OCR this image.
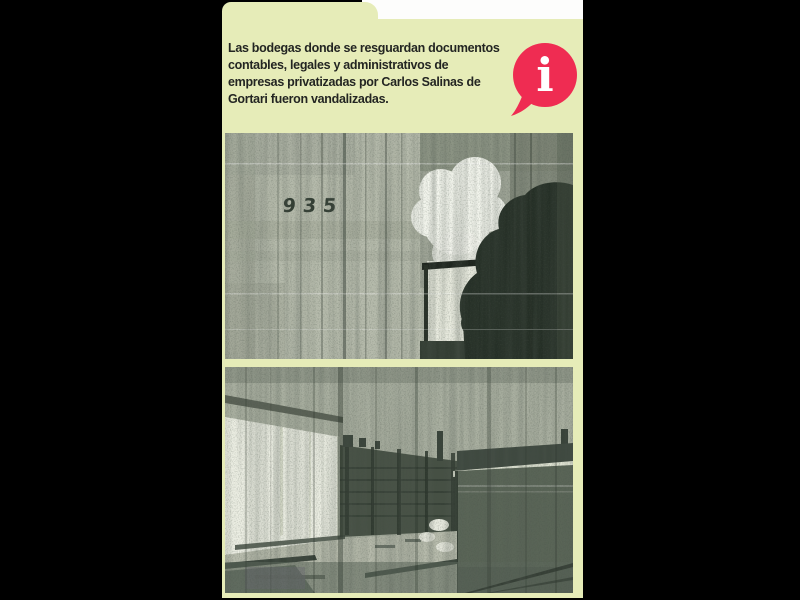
Las bodegas donde se resguardan documentos
contables, legales y administrativos de
empresas privatizadas por Carlos Salinas de
Gortari fueron vandalizadas.	i
